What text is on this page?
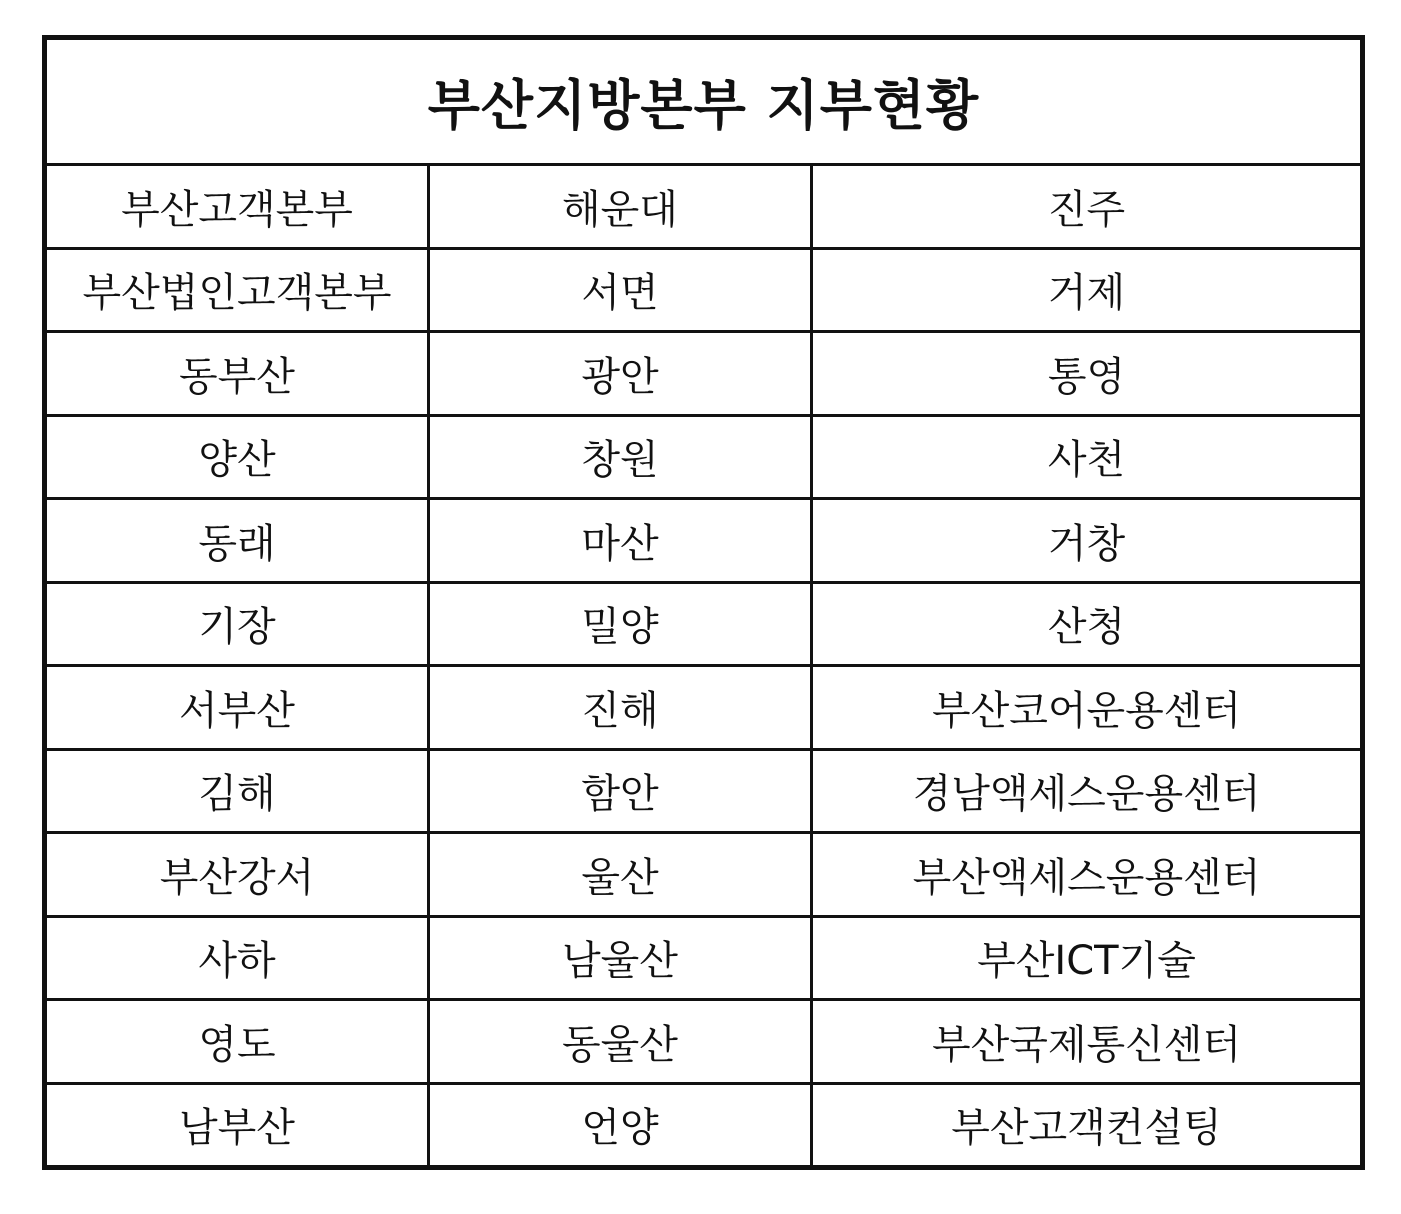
부산지방본부 지부현황
부산고객본부	해운대	진주
부산법인고객본부	서면	거제
동부산	광안	통영
양산	창원	사천
동래	마산	거창
기장	밀양	산청
서부산	진해	부산코어운용센터
김해	함안	경남액세스운용센터
부산강서	울산	부산액세스운용센터
사하	남울산	부산ICT기술
영도	동울산	부산국제통신센터
남부산	언양	부산고객컨설팅
